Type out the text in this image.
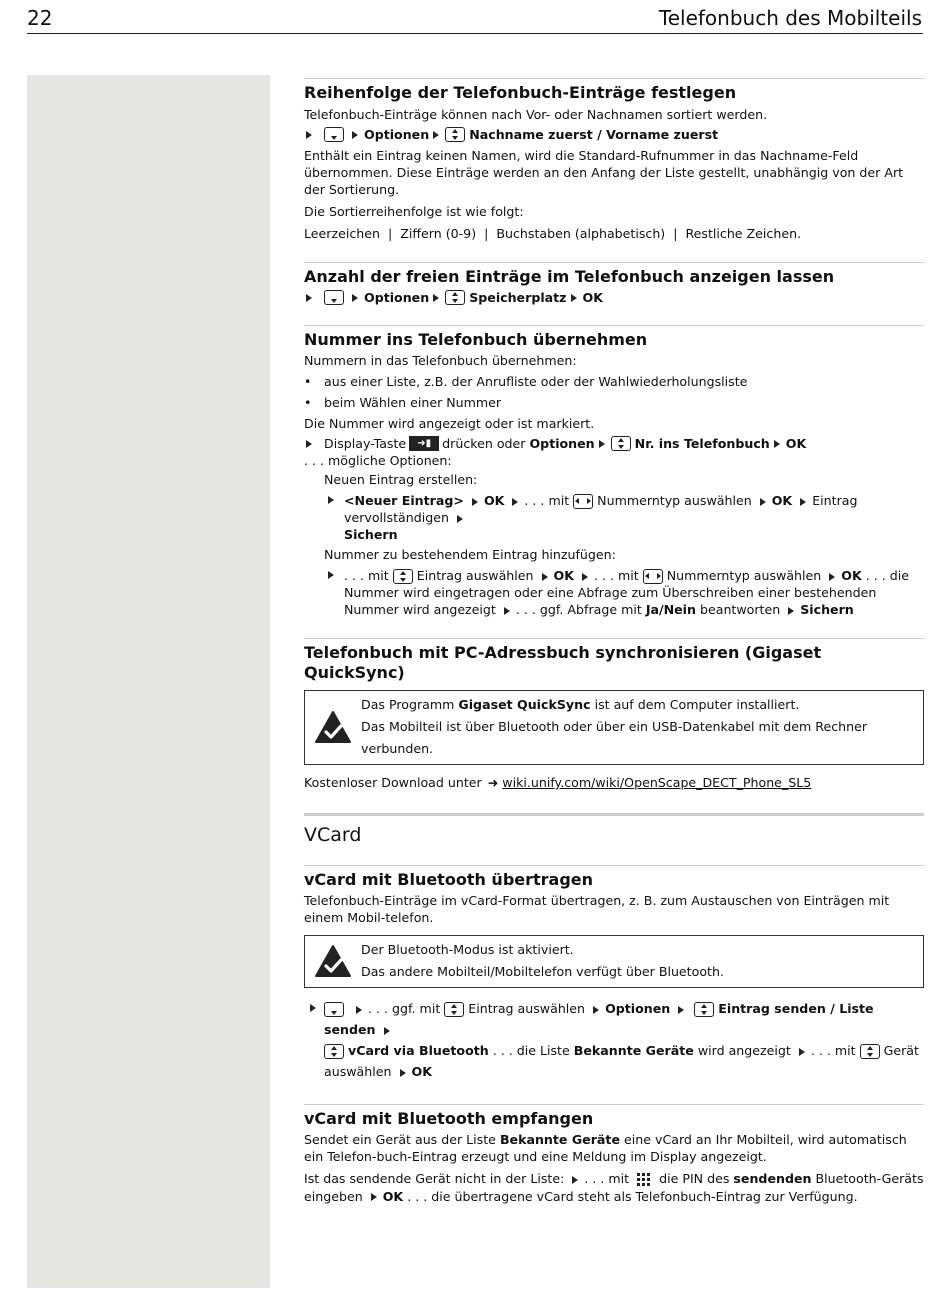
22	Telefonbuch des Mobilteils
Reihenfolge der Telefonbuch-Einträge festlegen

Telefonbuch-Einträge können nach Vor- oder Nachnamen sortiert werden.

Optionen	Nachname zuerst / Vorname zuerst

Enthält ein Eintrag keinen Namen, wird die Standard-Rufnummer in das Nachname-Feld übernommen. Diese Einträge werden an den Anfang der Liste gestellt, unabhängig von der Art der Sortierung.

Die Sortierreihenfolge ist wie folgt:

Leerzeichen  |  Ziffern (0-9)  |  Buchstaben (alphabetisch)  |  Restliche Zeichen.

Anzahl der freien Einträge im Telefonbuch anzeigen lassen
Optionen	Speicherplatz OK
Nummer ins Telefonbuch übernehmen

Nummern in das Telefonbuch übernehmen:

• aus einer Liste, z.B. der Anrufliste oder der Wahlwiederholungsliste
• beim Wählen einer Nummer

Die Nummer wird angezeigt oder ist markiert.

Display-Taste	➜▮ drücken oder
Optionen	Nr. ins Telefonbuch OK

. . . mögliche Optionen:

Neuen Eintrag erstellen:

<Neuer Eintrag> OK . . . mit Nummerntyp auswählen OK Eintrag vervollständigen
Sichern

Nummer zu bestehendem Eintrag hinzufügen:

. . . mit Eintrag auswählen OK . . . mit Nummerntyp auswählen OK . . . die Nummer wird eingetragen oder eine Abfrage zum Überschreiben einer bestehenden Nummer wird angezeigt . . . ggf. Abfrage mit Ja/Nein beantworten Sichern
Telefonbuch mit PC-Adressbuch synchronisieren (Gigaset QuickSync)
Das Programm Gigaset QuickSync ist auf dem Computer installiert.
Das Mobilteil ist über Bluetooth oder über ein USB-Datenkabel mit dem Rechner verbunden.

Kostenloser Download unter ➜ wiki.unify.com/wiki/OpenScape_DECT_Phone_SL5

VCard
vCard mit Bluetooth übertragen

Telefonbuch-Einträge im vCard-Format übertragen, z. B. zum Austauschen von Einträgen mit einem Mobil-telefon.

Der Bluetooth-Modus ist aktiviert.
Das andere Mobilteil/Mobiltelefon verfügt über Bluetooth.
. . . ggf. mit Eintrag auswählen Optionen	Eintrag senden / Liste senden

vCard via Bluetooth . . . die Liste Bekannte Geräte wird angezeigt . . . mit Gerät auswählen OK
vCard mit Bluetooth empfangen

Sendet ein Gerät aus der Liste Bekannte Geräte eine vCard an Ihr Mobilteil, wird automatisch ein Telefon-buch-Eintrag erzeugt und eine Meldung im Display angezeigt.

Ist das sendende Gerät nicht in der Liste: . . . mit die PIN des sendenden Bluetooth-Geräts eingeben OK . . . die übertragene vCard steht als Telefonbuch-Eintrag zur Verfügung.
